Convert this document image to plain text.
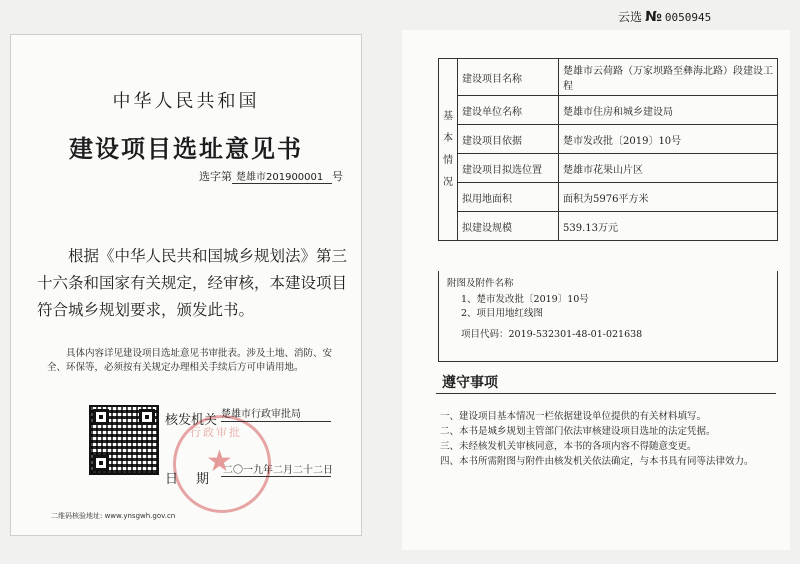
中华人民共和国
建设项目选址意见书
选字第 楚雄市201900001 号
根据《中华人民共和国城乡规划法》第三十六条和国家有关规定，经审核，本建设项目符合城乡规划要求，颁发此书。
具体内容详见建设项目选址意见书审批表。涉及土地、消防、安全、环保等，必须按有关规定办理相关手续后方可申请用地。
行政审批
★
核发机关 楚雄市行政审批局
日期
二〇一九年二月二十二日
二维码核验地址: www.ynsgwh.gov.cn
云选 № 0050945
基
本
情
况	建设项目名称	楚雄市云荷路（万家坝路至彝海北路）段建设工程
	建设单位名称	楚雄市住房和城乡建设局
	建设项目依据	楚市发改批〔2019〕10号
	建设项目拟选位置	楚雄市花果山片区
	拟用地面积	面积为5976平方米
	拟建设规模	539.13万元
附图及附件名称
1、楚市发改批〔2019〕10号
2、项目用地红线图
项目代码：2019-532301-48-01-021638
遵守事项
一、建设项目基本情况一栏依据建设单位提供的有关材料填写。
二、本书是城乡规划主管部门依法审核建设项目选址的法定凭据。
三、未经核发机关审核同意，本书的各项内容不得随意变更。
四、本书所需附图与附件由核发机关依法确定，与本书具有同等法律效力。
